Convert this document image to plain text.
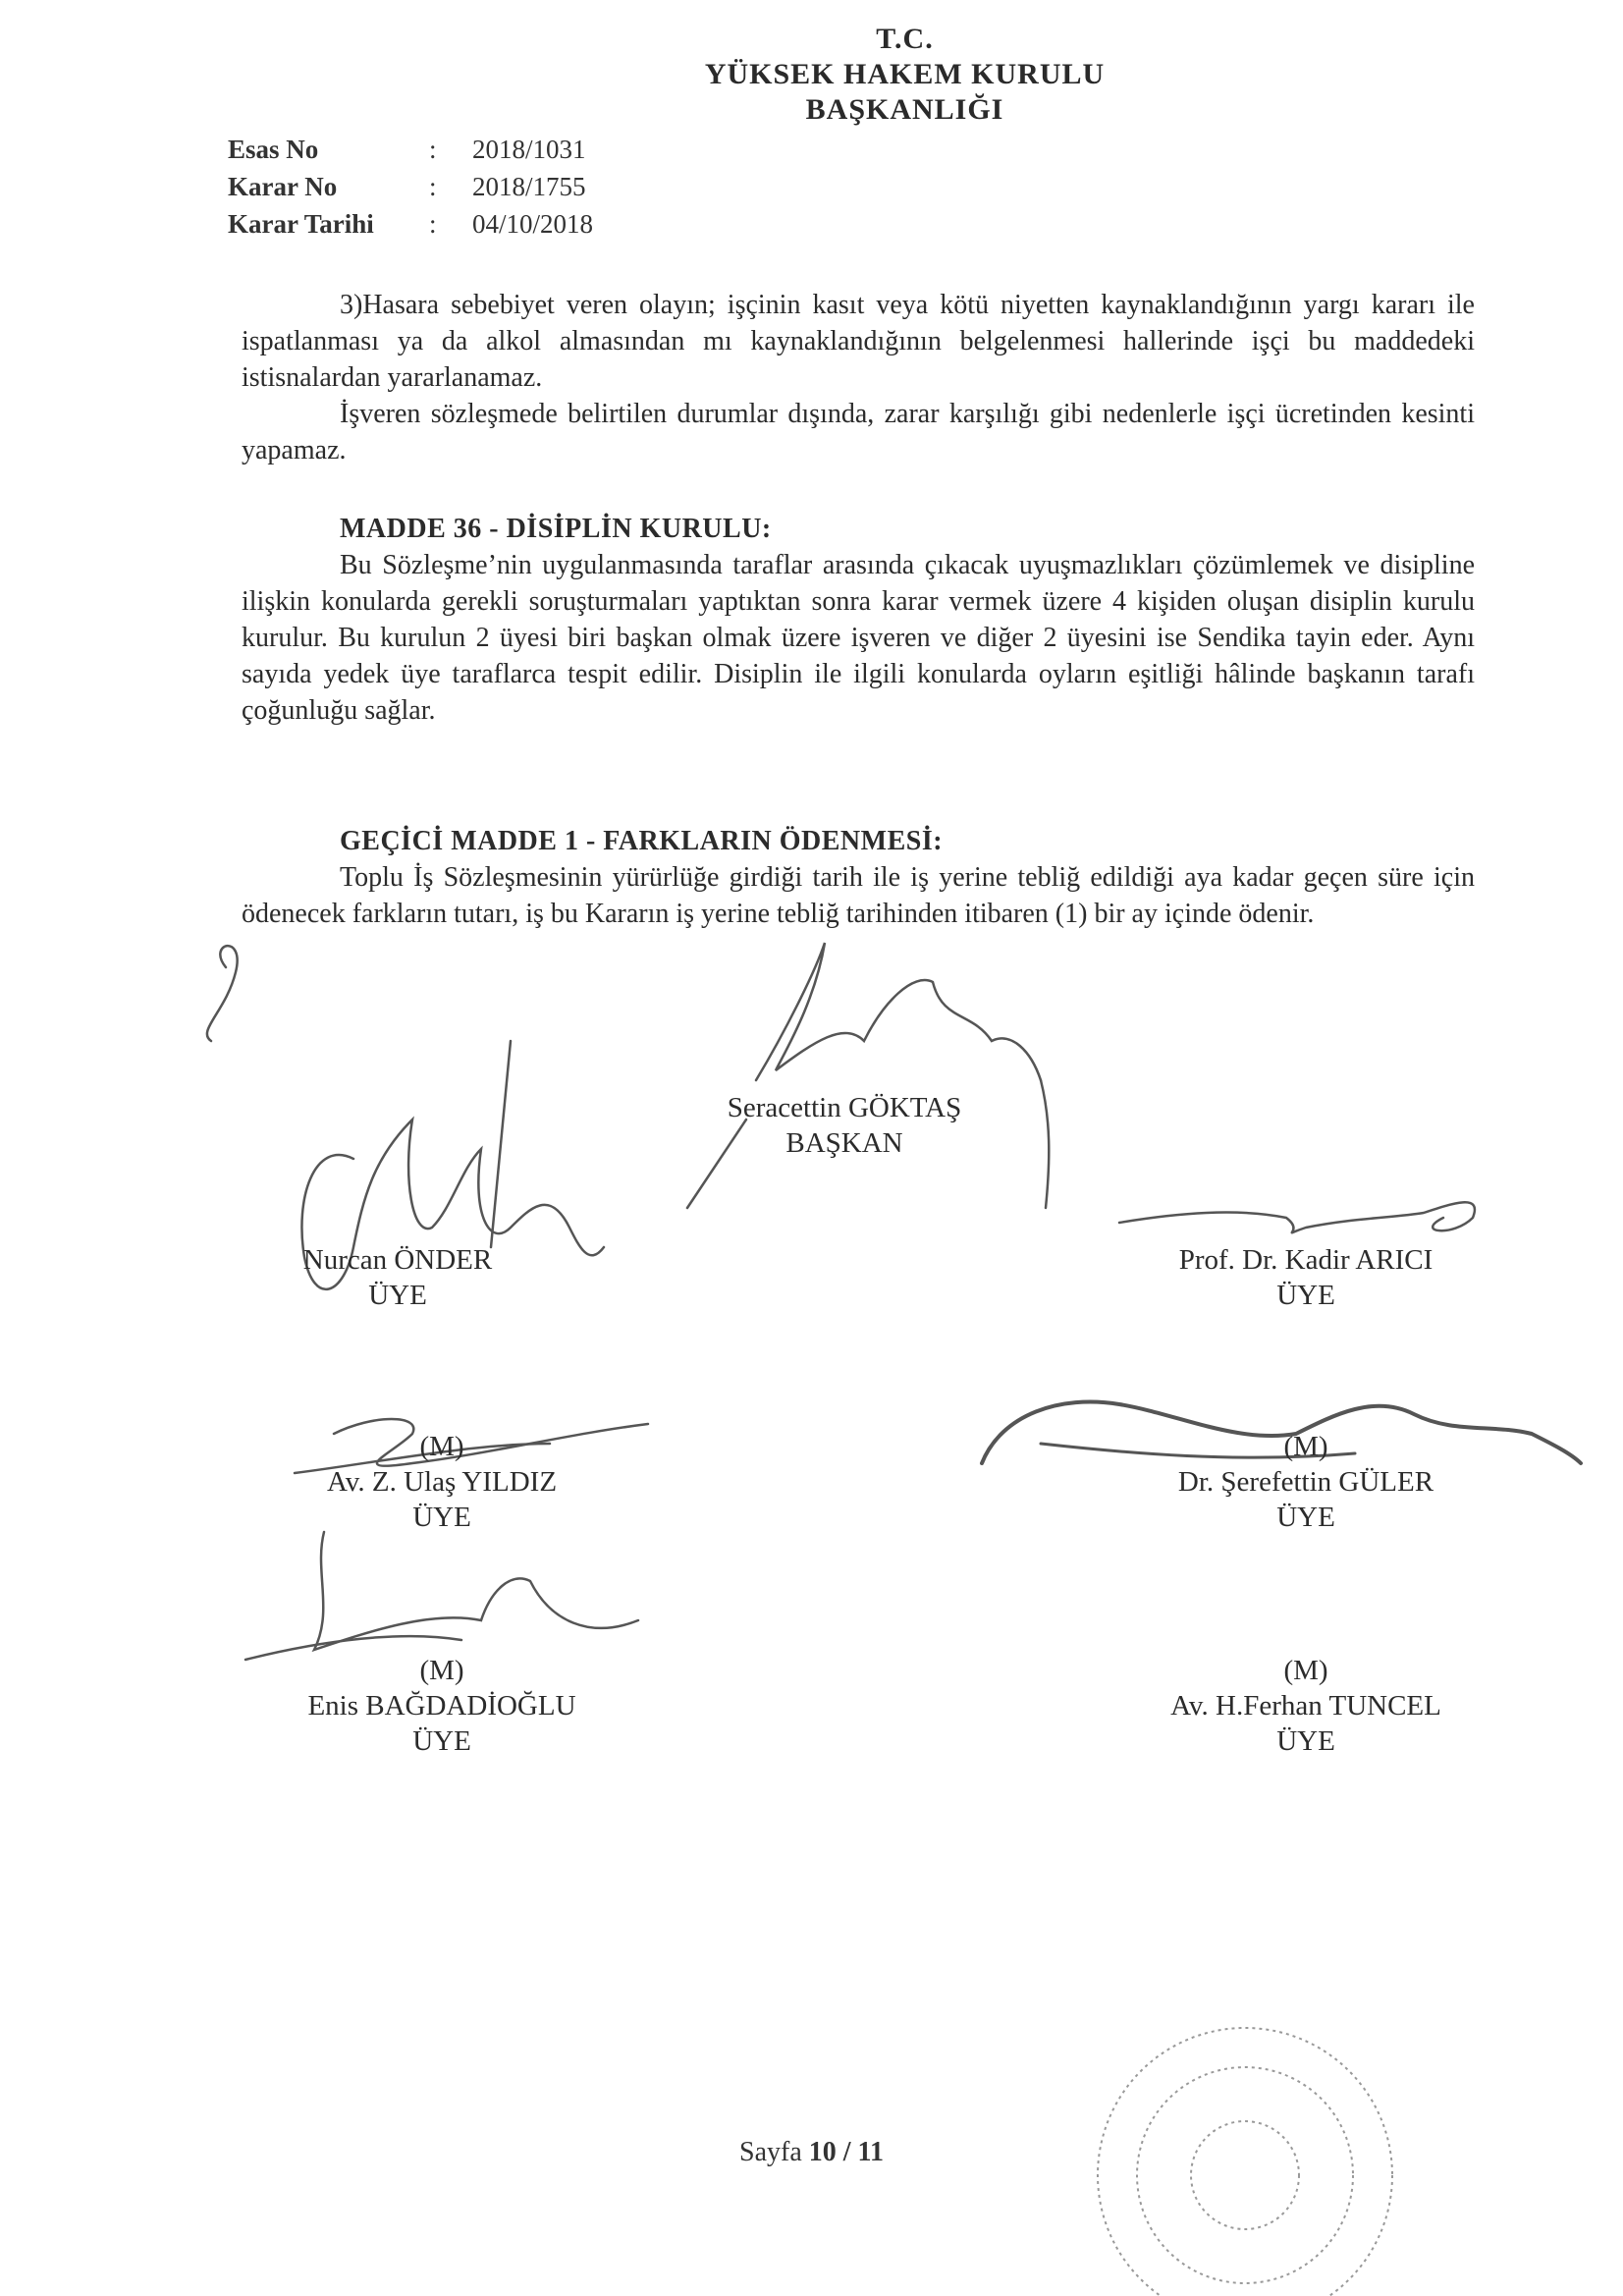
T.C.
YÜKSEK HAKEM KURULU
BAŞKANLIĞI
Esas No	:	2018/1031
Karar No	:	2018/1755
Karar Tarihi	:	04/10/2018

3)Hasara sebebiyet veren olayın; işçinin kasıt veya kötü niyetten kaynaklandığının yargı kararı ile ispatlanması ya da alkol almasından mı kaynaklandığının belgelenmesi hallerinde işçi bu maddedeki istisnalardan yararlanamaz.

İşveren sözleşmede belirtilen durumlar dışında, zarar karşılığı gibi nedenlerle işçi ücretinden kesinti yapamaz.

MADDE 36 - DİSİPLİN KURULU:

Bu Sözleşme’nin uygulanmasında taraflar arasında çıkacak uyuşmazlıkları çözümlemek ve disipline ilişkin konularda gerekli soruşturmaları yaptıktan sonra karar vermek üzere 4 kişiden oluşan disiplin kurulu kurulur. Bu kurulun 2 üyesi biri başkan olmak üzere işveren ve diğer 2 üyesini ise Sendika tayin eder. Aynı sayıda yedek üye taraflarca tespit edilir. Disiplin ile ilgili konularda oyların eşitliği hâlinde başkanın tarafı çoğunluğu sağlar.

GEÇİCİ MADDE 1 - FARKLARIN ÖDENMESİ:

Toplu İş Sözleşmesinin yürürlüğe girdiği tarih ile iş yerine tebliğ edildiği aya kadar geçen süre için ödenecek farkların tutarı, iş bu Kararın iş yerine tebliğ tarihinden itibaren (1) bir ay içinde ödenir.

Seracettin GÖKTAŞ
BAŞKAN
Nurcan ÖNDER
ÜYE
Prof. Dr. Kadir ARICI
ÜYE
(M)
Av. Z. Ulaş YILDIZ
ÜYE
(M)
Dr. Şerefettin GÜLER
ÜYE
(M)
Enis BAĞDADİOĞLU
ÜYE
(M)
Av. H.Ferhan TUNCEL
ÜYE
Sayfa 10 / 11
